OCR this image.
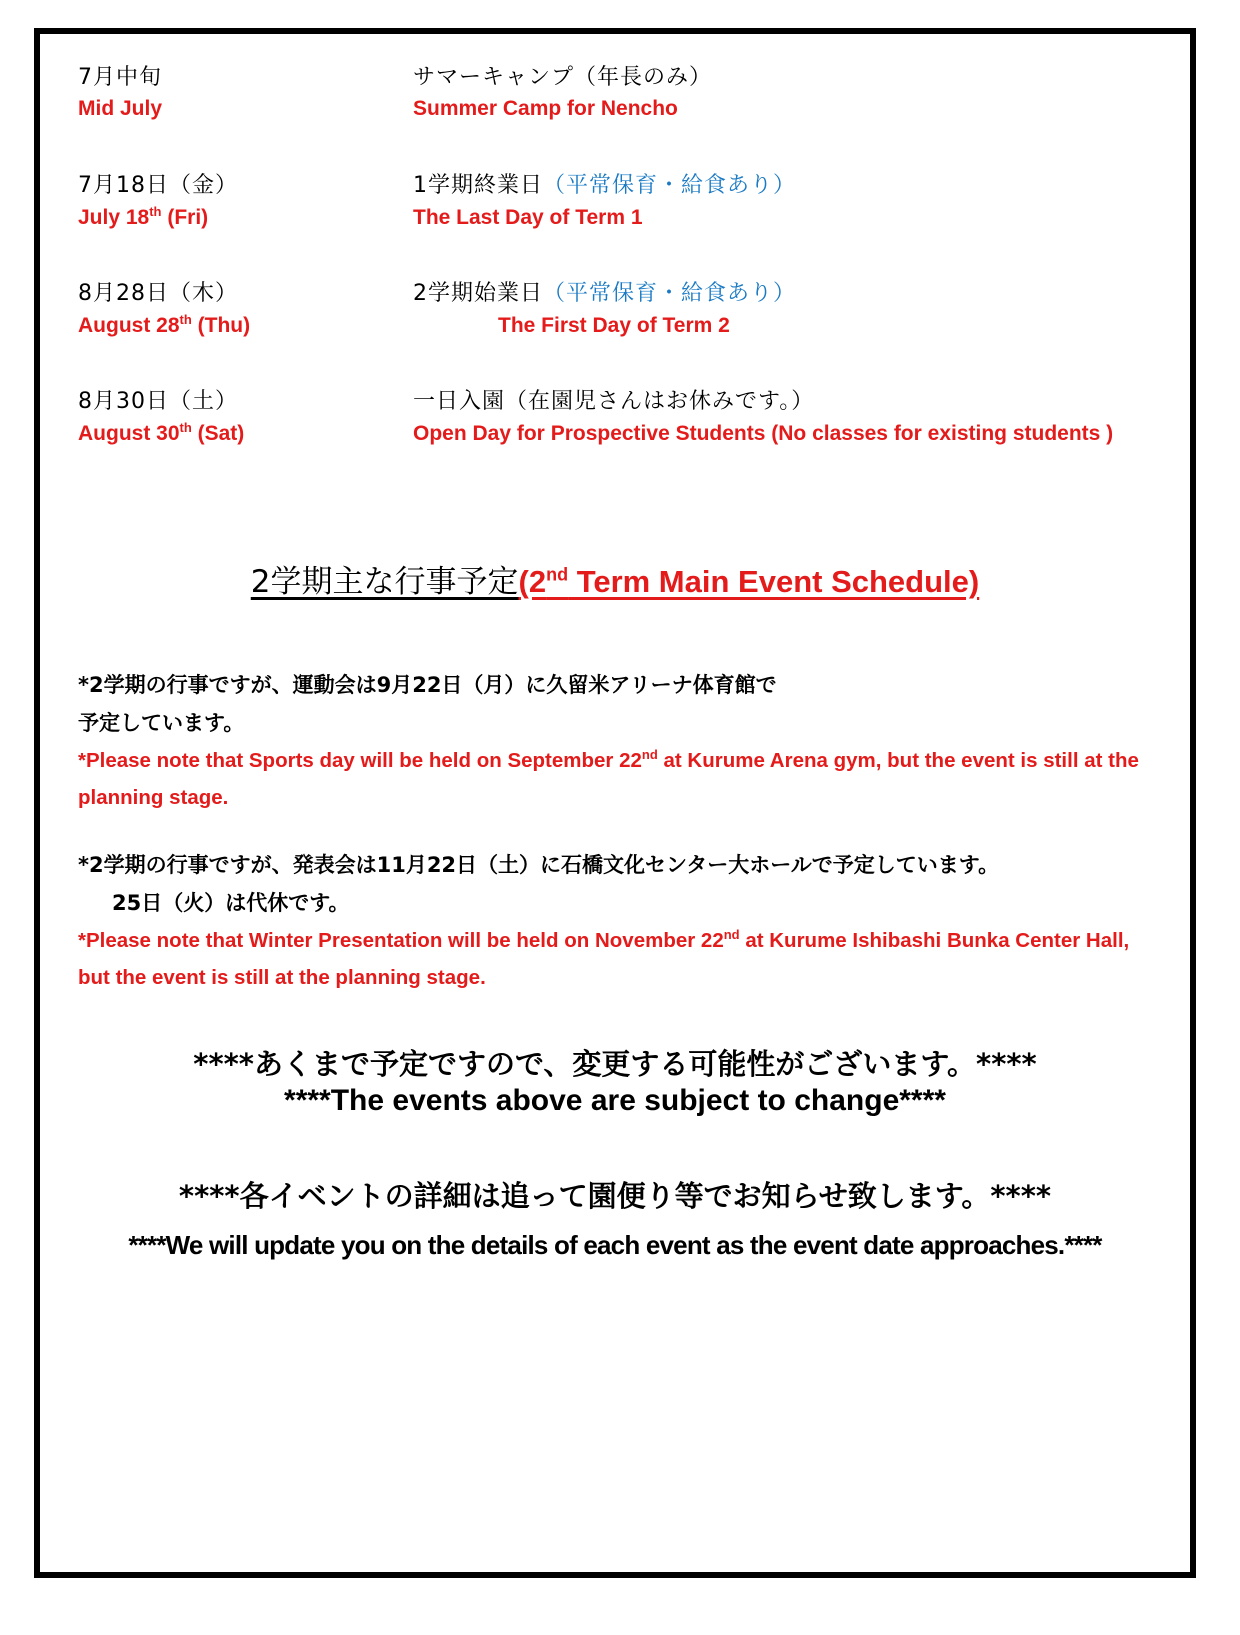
7月中旬	サマーキャンプ（年長のみ）
Mid July	Summer Camp for Nencho
7月18日（金）	1学期終業日（平常保育・給食あり）
July 18th (Fri)	The Last Day of Term 1
8月28日（木）	2学期始業日（平常保育・給食あり）
August 28th (Thu)	The First Day of Term 2
8月30日（土）	一日入園（在園児さんはお休みです。）
August 30th (Sat)	Open Day for Prospective Students (No classes for existing students )
2学期主な行事予定(2nd Term Main Event Schedule)
*2学期の行事ですが、運動会は9月22日（月）に久留米アリーナ体育館で
予定しています。
*Please note that Sports day will be held on September 22nd at Kurume Arena gym, but the event is still at the planning stage.
*2学期の行事ですが、発表会は11月22日（土）に石橋文化センター大ホールで予定しています。
25日（火）は代休です。
*Please note that Winter Presentation will be held on November 22nd at Kurume Ishibashi Bunka Center Hall, but the event is still at the planning stage.
****あくまで予定ですので、変更する可能性がございます。****
****The events above are subject to change****
****各イベントの詳細は追って園便り等でお知らせ致します。****
****We will update you on the details of each event as the event date approaches.****
